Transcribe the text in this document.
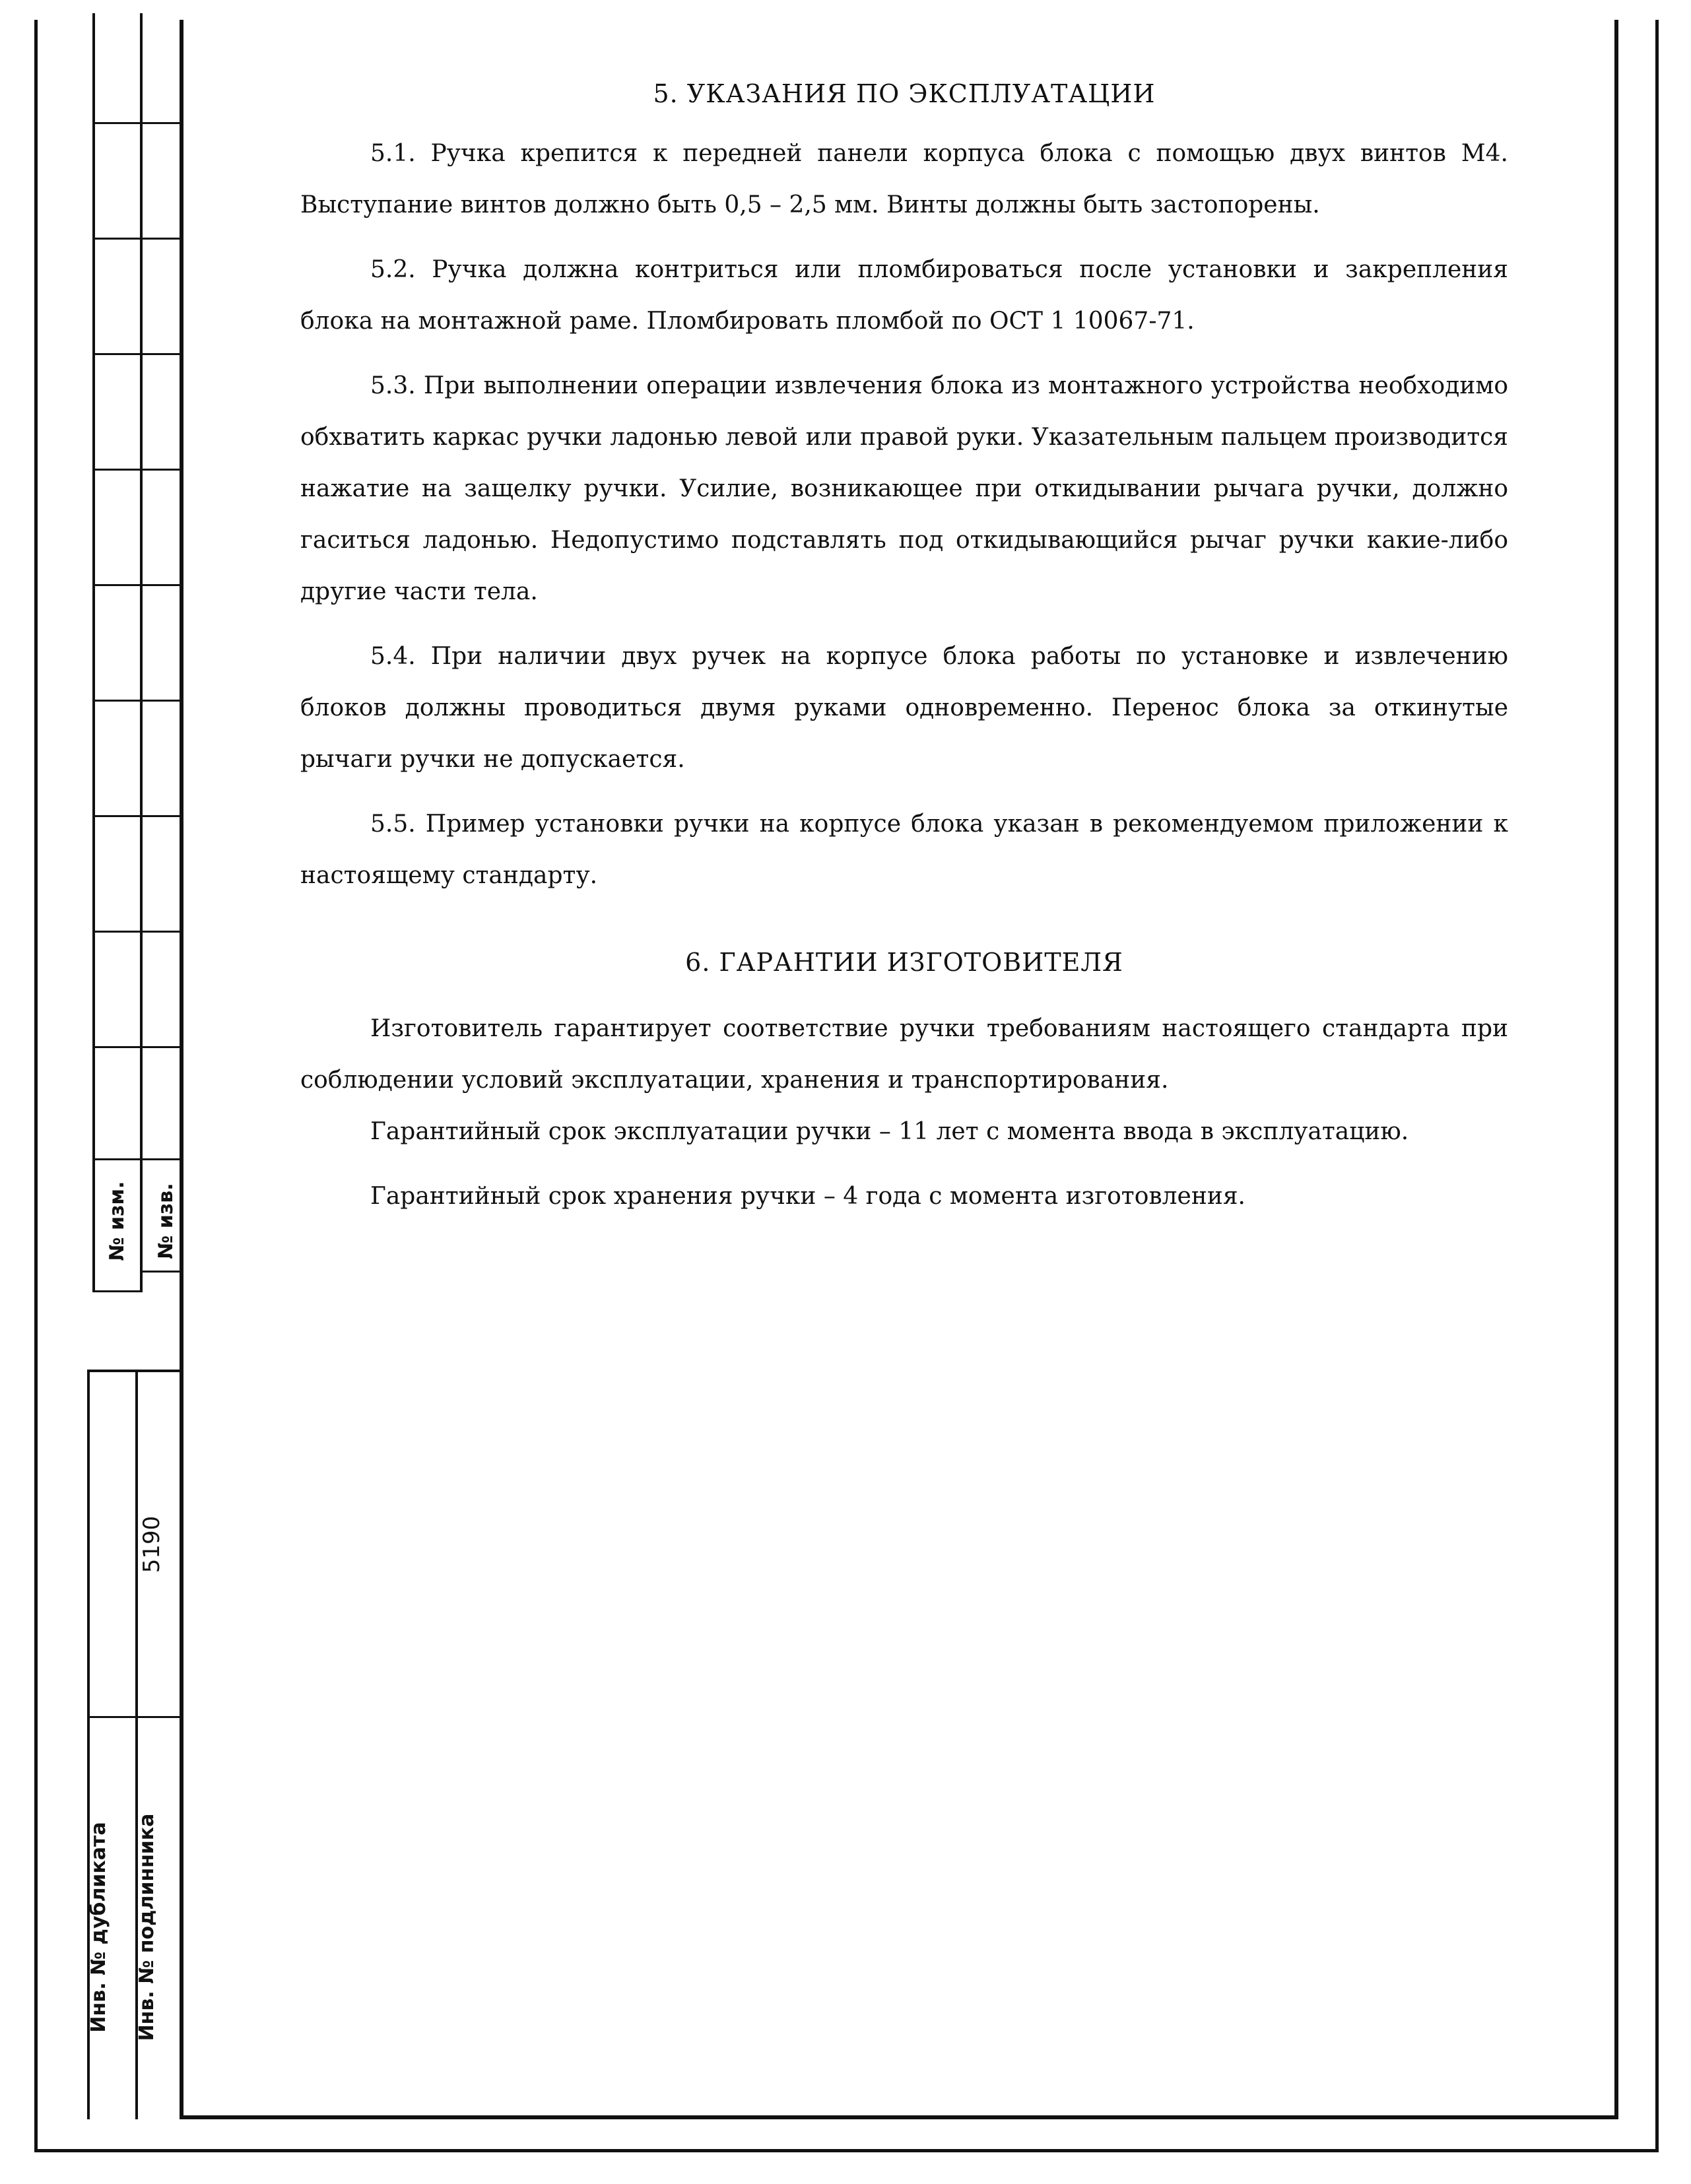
№ изм. № изв.
5190
Инв. № дубликата Инв. № подлинника
5. УКАЗАНИЯ ПО ЭКСПЛУАТАЦИИ

5.1. Ручка крепится к передней панели корпуса блока с помощью двух винтов М4. Выступание винтов должно быть 0,5 – 2,5 мм. Винты должны быть застопорены.

5.2. Ручка должна контриться или пломбироваться после установки и закрепления блока на монтажной раме. Пломбировать пломбой по ОСТ 1 10067-71.

5.3. При выполнении операции извлечения блока из монтажного устройства необходимо обхватить каркас ручки ладонью левой или правой руки. Указательным пальцем производится нажатие на защелку ручки. Усилие, возникающее при откидывании рычага ручки, должно гаситься ладонью. Недопустимо подставлять под откидывающийся рычаг ручки какие-либо другие части тела.

5.4. При наличии двух ручек на корпусе блока работы по установке и извлечению блоков должны проводиться двумя руками одновременно. Перенос блока за откинутые рычаги ручки не допускается.

5.5. Пример установки ручки на корпусе блока указан в рекомендуемом приложении к настоящему стандарту.

6. ГАРАНТИИ ИЗГОТОВИТЕЛЯ

Изготовитель гарантирует соответствие ручки требованиям настоящего стандарта при соблюдении условий эксплуатации, хранения и транспортирования.

Гарантийный срок эксплуатации ручки – 11 лет с момента ввода в эксплуатацию.

Гарантийный срок хранения ручки – 4 года с момента изготовления.
